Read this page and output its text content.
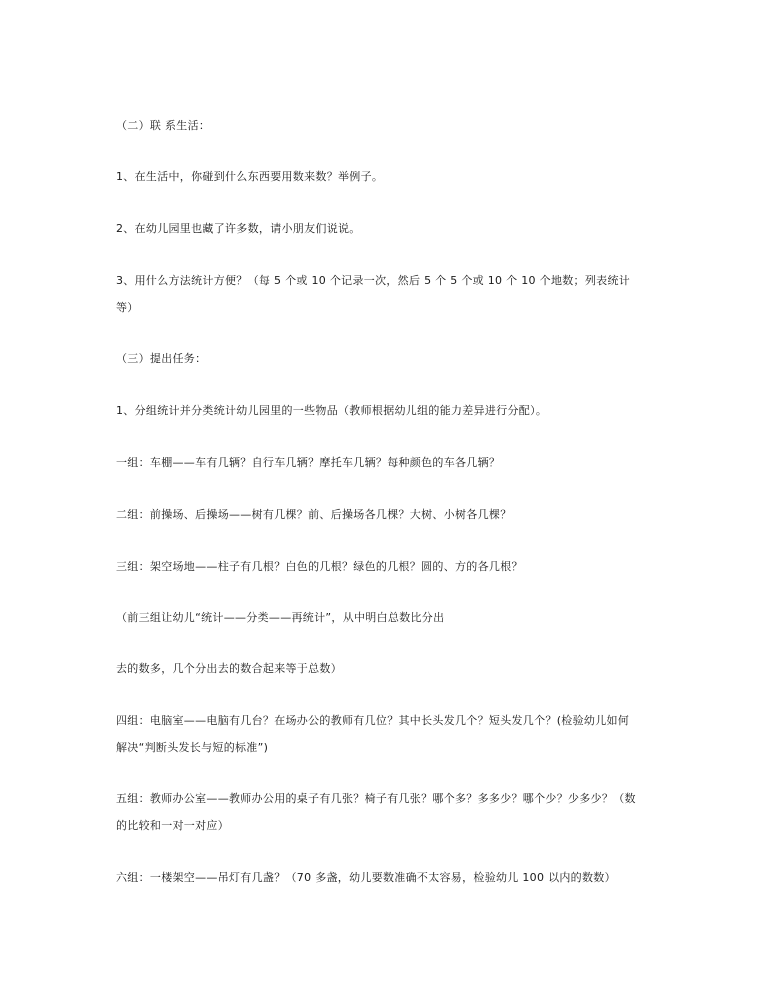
（二）联 系生活：
1、在生活中，你碰到什么东西要用数来数？举例子。
2、在幼儿园里也藏了许多数，请小朋友们说说。
3、用什么方法统计方便？（每 5 个或 10 个记录一次，然后 5 个 5 个或 10 个 10 个地数；列表统计
等）
（三）提出任务：
1、分组统计并分类统计幼儿园里的一些物品（教师根据幼儿组的能力差异进行分配）。
一组：车棚——车有几辆？自行车几辆？摩托车几辆？每种颜色的车各几辆？
二组：前操场、后操场——树有几棵？前、后操场各几棵？大树、小树各几棵？
三组：架空场地——柱子有几根？白色的几根？绿色的几根？圆的、方的各几根？
（前三组让幼儿“统计——分类——再统计”，从中明白总数比分出
去的数多，几个分出去的数合起来等于总数）
四组：电脑室——电脑有几台？在场办公的教师有几位？其中长头发几个？短头发几个？(检验幼儿如何
解决“判断头发长与短的标准”)
五组：教师办公室——教师办公用的桌子有几张？椅子有几张？哪个多？多多少？哪个少？少多少？（数
的比较和一对一对应）
六组：一楼架空——吊灯有几盏？（70 多盏，幼儿要数准确不太容易，检验幼儿 100 以内的数数）
